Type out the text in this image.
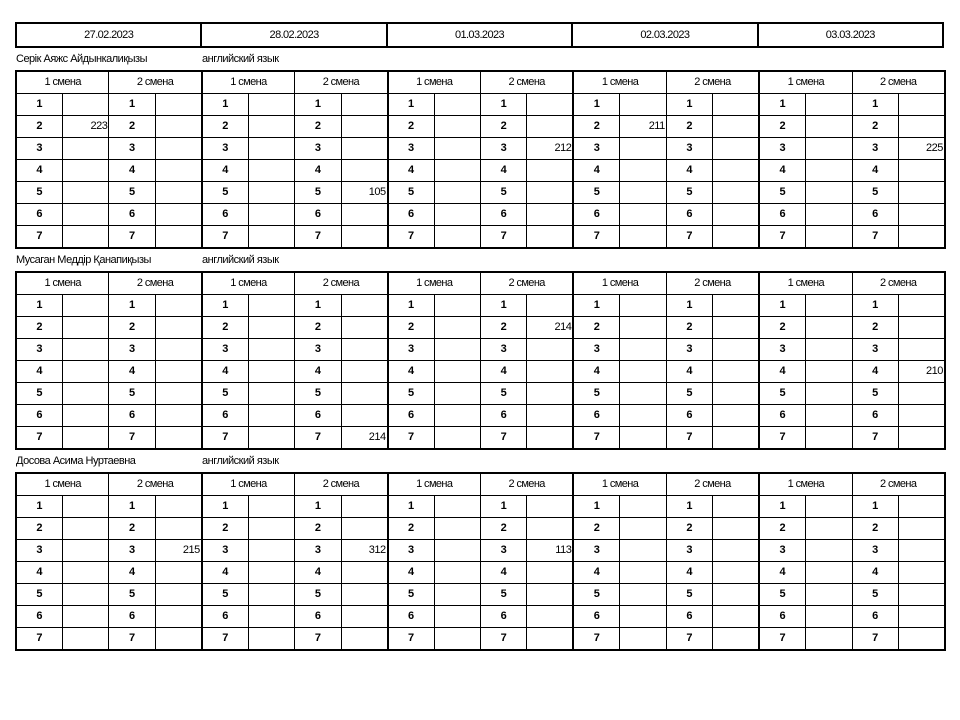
27.02.2023	28.02.2023	01.03.2023	02.03.2023	03.03.2023
Серік Аяжс Айдынкалиқызы	английский язык
1 смена		2 смена		1 смена		2 смена		1 смена		2 смена		1 смена		2 смена		1 смена		2 смена	
1		1		1		1		1		1		1		1		1		1	
2	223	2		2		2		2		2		2	211	2		2		2	
3		3		3		3		3		3	212	3		3		3		3	225
4		4		4		4		4		4		4		4		4		4	
5		5		5		5	105	5		5		5		5		5		5	
6		6		6		6		6		6		6		6		6		6	
7		7		7		7		7		7		7		7		7		7	
Мусаган Меддір Қанапиқызы	английский язык
1 смена		2 смена		1 смена		2 смена		1 смена		2 смена		1 смена		2 смена		1 смена		2 смена	
1		1		1		1		1		1		1		1		1		1	
2		2		2		2		2		2	214	2		2		2		2	
3		3		3		3		3		3		3		3		3		3	
4		4		4		4		4		4		4		4		4		4	210
5		5		5		5		5		5		5		5		5		5	
6		6		6		6		6		6		6		6		6		6	
7		7		7		7	214	7		7		7		7		7		7	
Досова Асима Нуртаевна	английский язык
1 смена		2 смена		1 смена		2 смена		1 смена		2 смена		1 смена		2 смена		1 смена		2 смена	
1		1		1		1		1		1		1		1		1		1	
2		2		2		2		2		2		2		2		2		2	
3		3	215	3		3	312	3		3	113	3		3		3		3	
4		4		4		4		4		4		4		4		4		4	
5		5		5		5		5		5		5		5		5		5	
6		6		6		6		6		6		6		6		6		6	
7		7		7		7		7		7		7		7		7		7	
